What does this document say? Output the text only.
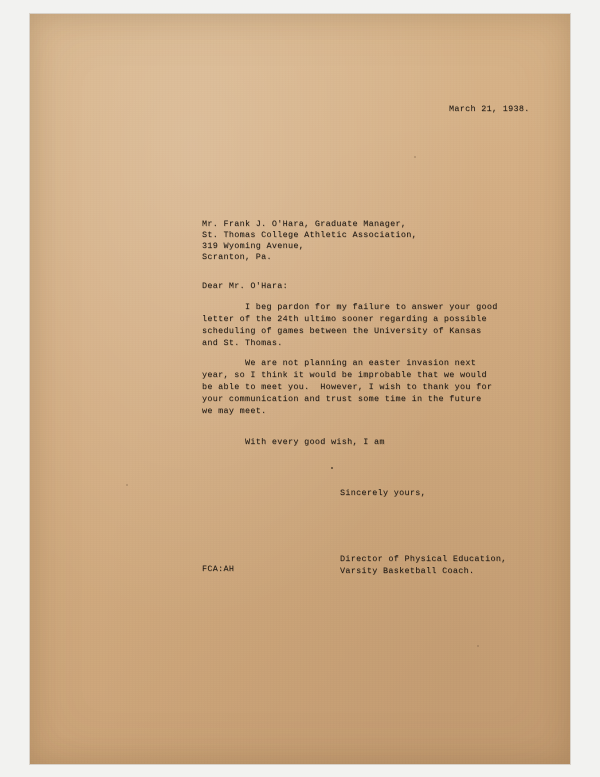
March 21, 1938.
Mr. Frank J. O'Hara, Graduate Manager,
St. Thomas College Athletic Association,
319 Wyoming Avenue,
Scranton, Pa.
Dear Mr. O'Hara:
I beg pardon for my failure to answer your good
letter of the 24th ultimo sooner regarding a possible
scheduling of games between the University of Kansas
and St. Thomas.
We are not planning an easter invasion next
year, so I think it would be improbable that we would
be able to meet you.  However, I wish to thank you for
your communication and trust some time in the future
we may meet.
With every good wish, I am
Sincerely yours,
Director of Physical Education,
Varsity Basketball Coach.
FCA:AH
